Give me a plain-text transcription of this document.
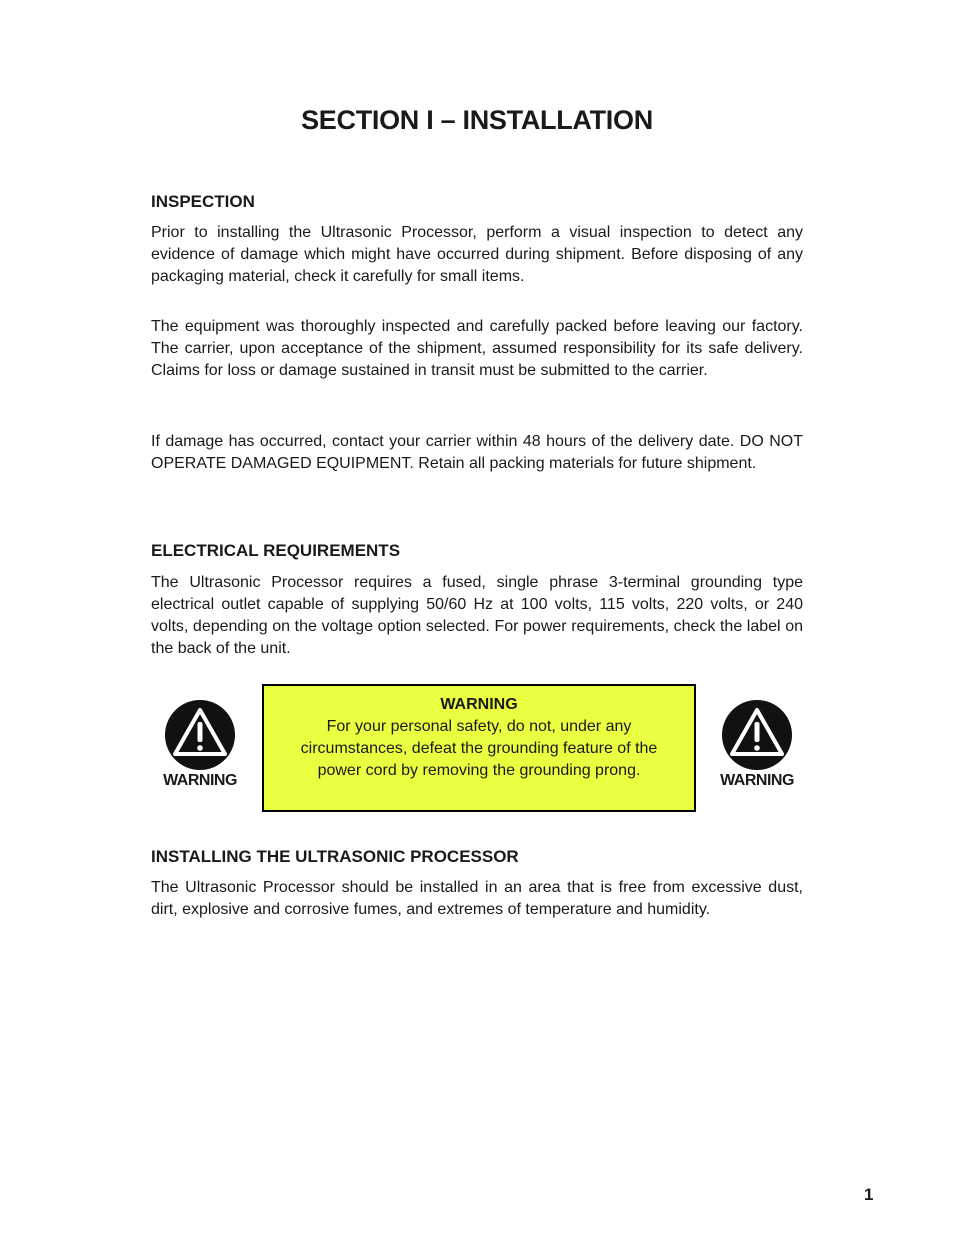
SECTION I – INSTALLATION
INSPECTION

Prior to installing the Ultrasonic Processor, perform a visual inspection to detect any evidence of damage which might have occurred during shipment. Before disposing of any packaging material, check it carefully for small items.

The equipment was thoroughly inspected and carefully packed before leaving our factory. The carrier, upon acceptance of the shipment, assumed responsibility for its safe delivery. Claims for loss or damage sustained in transit must be submitted to the carrier.

If damage has occurred, contact your carrier within 48 hours of the delivery date. DO NOT OPERATE DAMAGED EQUIPMENT. Retain all packing materials for future shipment.

ELECTRICAL REQUIREMENTS

The Ultrasonic Processor requires a fused, single phrase 3-terminal grounding type electrical outlet capable of supplying 50/60 Hz at 100 volts, 115 volts, 220 volts, or 240 volts, depending on the voltage option selected. For power requirements, check the label on the back of the unit.

WARNING
WARNING
For your personal safety, do not, under any circumstances, defeat the grounding feature of the power cord by removing the grounding prong.
WARNING
INSTALLING THE ULTRASONIC PROCESSOR

The Ultrasonic Processor should be installed in an area that is free from excessive dust, dirt, explosive and corrosive fumes, and extremes of temperature and humidity.

1
